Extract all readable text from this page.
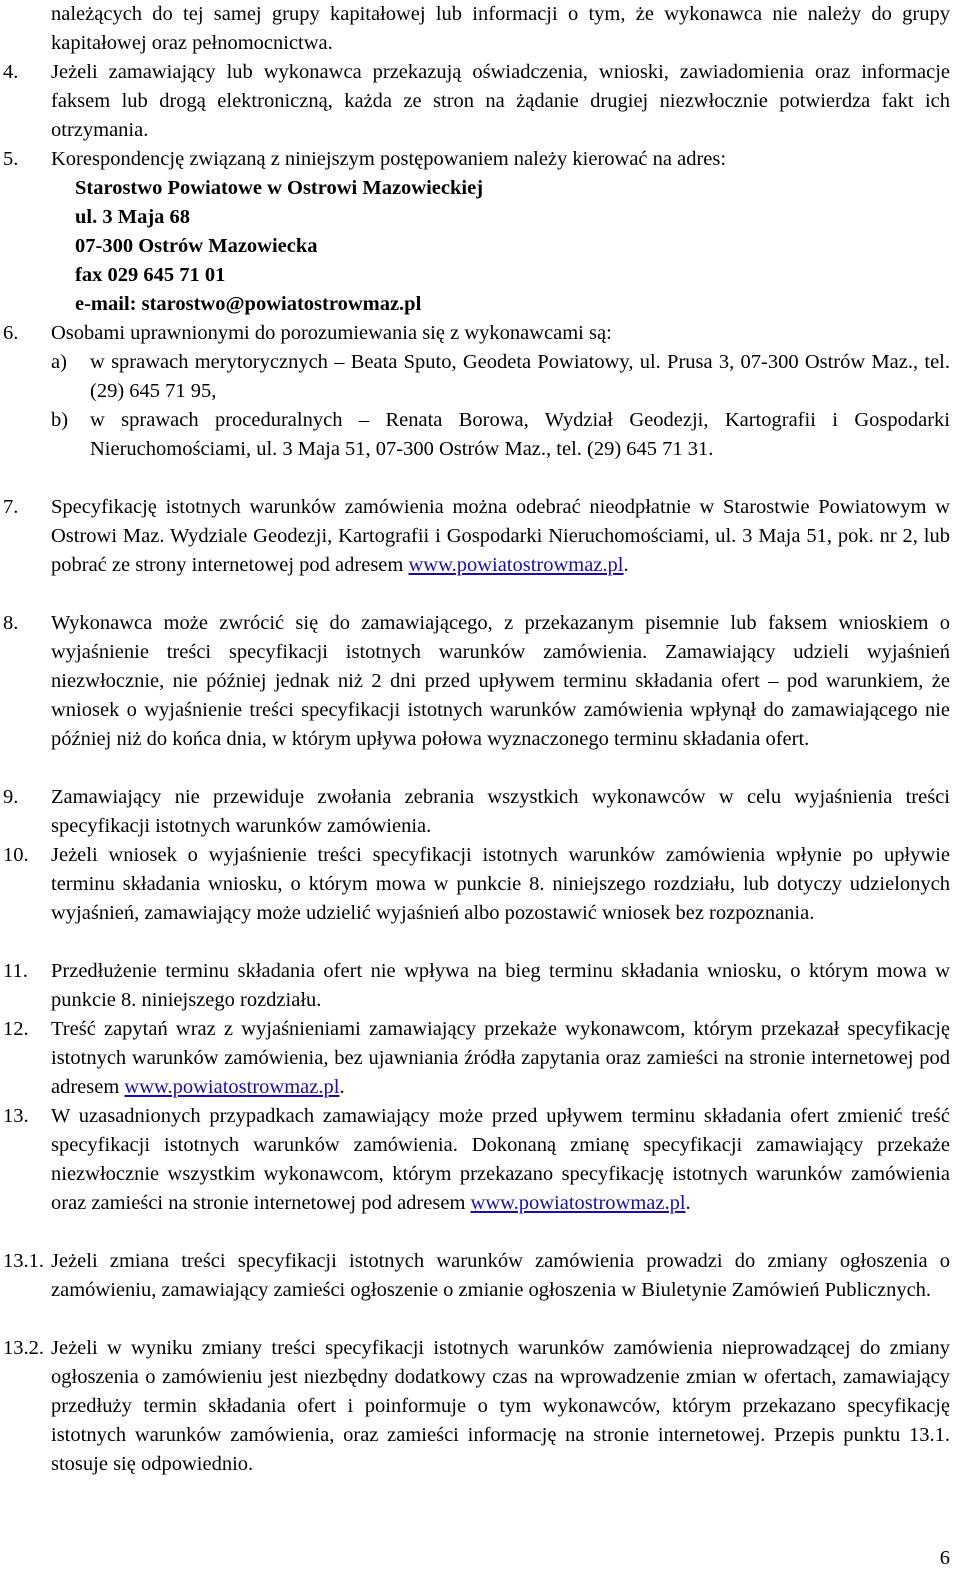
należących do tej samej grupy kapitałowej lub informacji o tym, że wykonawca nie należy do grupy kapitałowej oraz pełnomocnictwa.

4. Jeżeli zamawiający lub wykonawca przekazują oświadczenia, wnioski, zawiadomienia oraz informacje faksem lub drogą elektroniczną, każda ze stron na żądanie drugiej niezwłocznie potwierdza fakt ich otrzymania.

5. Korespondencję związaną z niniejszym postępowaniem należy kierować na adres:

Starostwo Powiatowe w Ostrowi Mazowieckiej
ul. 3 Maja 68
07-300 Ostrów Mazowiecka
fax 029 645 71 01
e-mail: starostwo@powiatostrowmaz.pl
6. Osobami uprawnionymi do porozumiewania się z wykonawcami są:

a) w sprawach merytorycznych – Beata Sputo, Geodeta Powiatowy, ul. Prusa 3, 07-300 Ostrów Maz., tel. (29) 645 71 95,

b) w sprawach proceduralnych – Renata Borowa, Wydział Geodezji, Kartografii i Gospodarki Nieruchomościami, ul. 3 Maja 51, 07-300 Ostrów Maz., tel. (29) 645 71 31.

7. Specyfikację istotnych warunków zamówienia można odebrać nieodpłatnie w Starostwie Powiatowym w Ostrowi Maz. Wydziale Geodezji, Kartografii i Gospodarki Nieruchomościami, ul. 3 Maja 51, pok. nr 2, lub pobrać ze strony internetowej pod adresem www.powiatostrowmaz.pl.

8. Wykonawca może zwrócić się do zamawiającego, z przekazanym pisemnie lub faksem wnioskiem o wyjaśnienie treści specyfikacji istotnych warunków zamówienia. Zamawiający udzieli wyjaśnień niezwłocznie, nie później jednak niż 2 dni przed upływem terminu składania ofert – pod warunkiem, że wniosek o wyjaśnienie treści specyfikacji istotnych warunków zamówienia wpłynął do zamawiającego nie później niż do końca dnia, w którym upływa połowa wyznaczonego terminu składania ofert.

9. Zamawiający nie przewiduje zwołania zebrania wszystkich wykonawców w celu wyjaśnienia treści specyfikacji istotnych warunków zamówienia.

10. Jeżeli wniosek o wyjaśnienie treści specyfikacji istotnych warunków zamówienia wpłynie po upływie terminu składania wniosku, o którym mowa w punkcie 8. niniejszego rozdziału, lub dotyczy udzielonych wyjaśnień, zamawiający może udzielić wyjaśnień albo pozostawić wniosek bez rozpoznania.

11. Przedłużenie terminu składania ofert nie wpływa na bieg terminu składania wniosku, o którym mowa w punkcie 8. niniejszego rozdziału.

12. Treść zapytań wraz z wyjaśnieniami zamawiający przekaże wykonawcom, którym przekazał specyfikację istotnych warunków zamówienia, bez ujawniania źródła zapytania oraz zamieści na stronie internetowej pod adresem www.powiatostrowmaz.pl.

13. W uzasadnionych przypadkach zamawiający może przed upływem terminu składania ofert zmienić treść specyfikacji istotnych warunków zamówienia. Dokonaną zmianę specyfikacji zamawiający przekaże niezwłocznie wszystkim wykonawcom, którym przekazano specyfikację istotnych warunków zamówienia oraz zamieści na stronie internetowej pod adresem www.powiatostrowmaz.pl.

13.1. Jeżeli zmiana treści specyfikacji istotnych warunków zamówienia prowadzi do zmiany ogłoszenia o zamówieniu, zamawiający zamieści ogłoszenie o zmianie ogłoszenia w Biuletynie Zamówień Publicznych.

13.2. Jeżeli w wyniku zmiany treści specyfikacji istotnych warunków zamówienia nieprowadzącej do zmiany ogłoszenia o zamówieniu jest niezbędny dodatkowy czas na wprowadzenie zmian w ofertach, zamawiający przedłuży termin składania ofert i poinformuje o tym wykonawców, którym przekazano specyfikację istotnych warunków zamówienia, oraz zamieści informację na stronie internetowej. Przepis punktu 13.1. stosuje się odpowiednio.

6
